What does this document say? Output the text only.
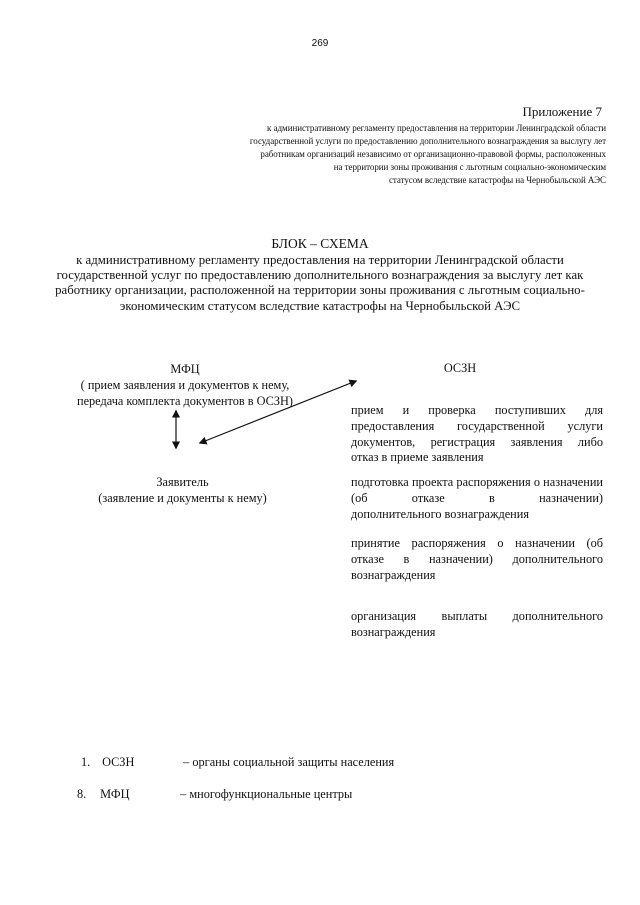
269
Приложение 7
к административному регламенту предоставления на территории Ленинградской области
государственной услуги по предоставлению дополнительного вознаграждения за выслугу лет
работникам организаций независимо от организационно-правовой формы, расположенных
на территории зоны проживания с льготным социально-экономическим
статусом вследствие катастрофы на Чернобыльской АЭС
БЛОК – СХЕМА
к административному регламенту предоставления на территории Ленинградской области
государственной услуг по предоставлению дополнительного вознаграждения за выслугу лет как
работнику организации, расположенной на территории зоны проживания с льготным социально-
экономическим статусом вследствие катастрофы на Чернобыльской АЭС
МФЦ
( прием заявления и документов к нему,
передача комплекта документов в ОСЗН)
ОСЗН
Заявитель
(заявление и документы к нему)
прием и проверка поступивших для предоставления государственной услуги документов, регистрация заявления либо
отказ в приеме заявления
подготовка проекта распоряжения о назначении (об отказе в назначении)
дополнительного вознаграждения
принятие распоряжения о назначении (об отказе в назначении) дополнительного
вознаграждения
организация выплаты дополнительного
вознаграждения
1. ОСЗН	– органы социальной защиты населения
8. МФЦ	– многофункциональные центры
